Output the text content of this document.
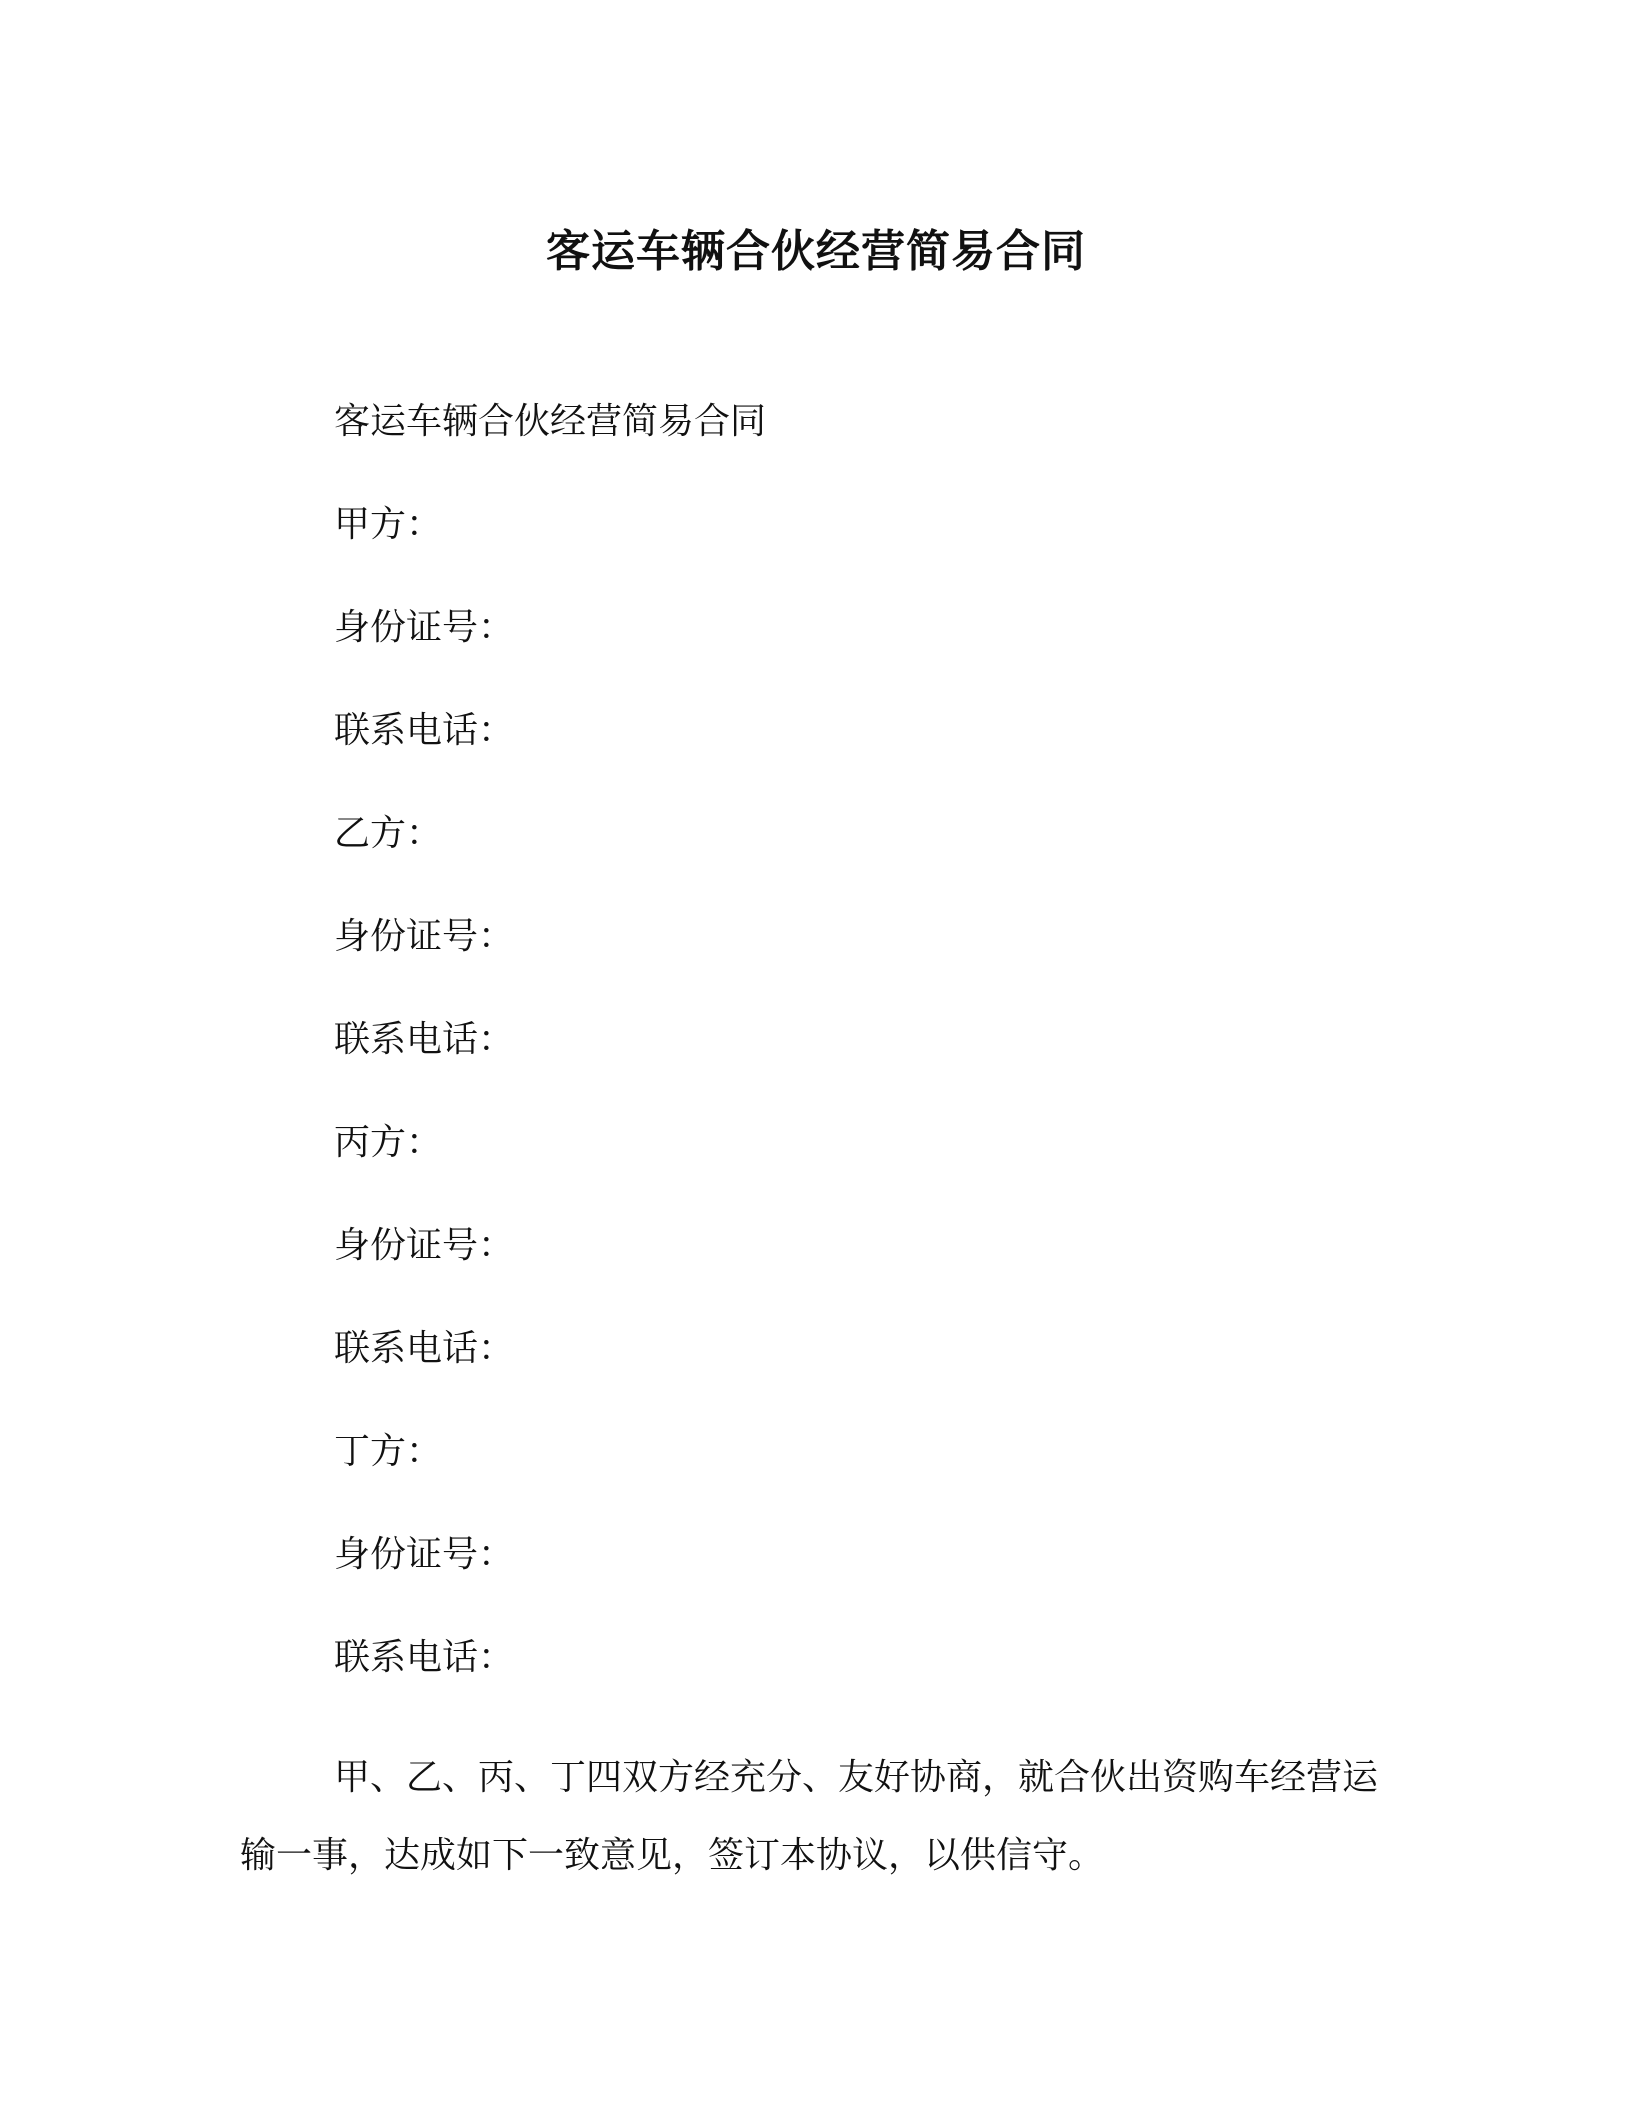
客运车辆合伙经营简易合同
客运车辆合伙经营简易合同
甲方：
身份证号：
联系电话：
乙方：
身份证号：
联系电话：
丙方：
身份证号：
联系电话：
丁方：
身份证号：
联系电话：
甲、乙、丙、丁四双方经充分、友好协商，就合伙出资购车经营运输一事，达成如下一致意见，签订本协议，以供信守。
